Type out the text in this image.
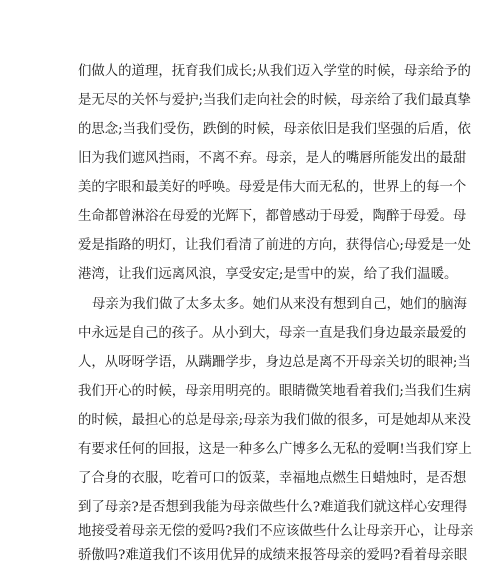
们做人的道理，抚育我们成长;从我们迈入学堂的时候，母亲给予的
是无尽的关怀与爱护;当我们走向社会的时候，母亲给了我们最真挚
的思念;当我们受伤，跌倒的时候，母亲依旧是我们坚强的后盾，依
旧为我们遮风挡雨，不离不弃。母亲，是人的嘴唇所能发出的最甜
美的字眼和最美好的呼唤。母爱是伟大而无私的，世界上的每一个
生命都曾淋浴在母爱的光辉下，都曾感动于母爱，陶醉于母爱。母
爱是指路的明灯，让我们看清了前进的方向，获得信心;母爱是一处
港湾，让我们远离风浪，享受安定;是雪中的炭，给了我们温暖。
母亲为我们做了太多太多。她们从来没有想到自己，她们的脑海
中永远是自己的孩子。从小到大，母亲一直是我们身边最亲最爱的
人，从呀呀学语，从蹒跚学步，身边总是离不开母亲关切的眼神;当
我们开心的时候，母亲用明亮的。眼睛微笑地看着我们;当我们生病
的时候，最担心的总是母亲;母亲为我们做的很多，可是她却从来没
有要求任何的回报，这是一种多么广博多么无私的爱啊!当我们穿上
了合身的衣服，吃着可口的饭菜，幸福地点燃生日蜡烛时，是否想
到了母亲?是否想到我能为母亲做些什么?难道我们就这样心安理得
地接受着母亲无偿的爱吗?我们不应该做些什么让母亲开心，让母亲
骄傲吗?难道我们不该用优异的成绩来报答母亲的爱吗?看着母亲眼
